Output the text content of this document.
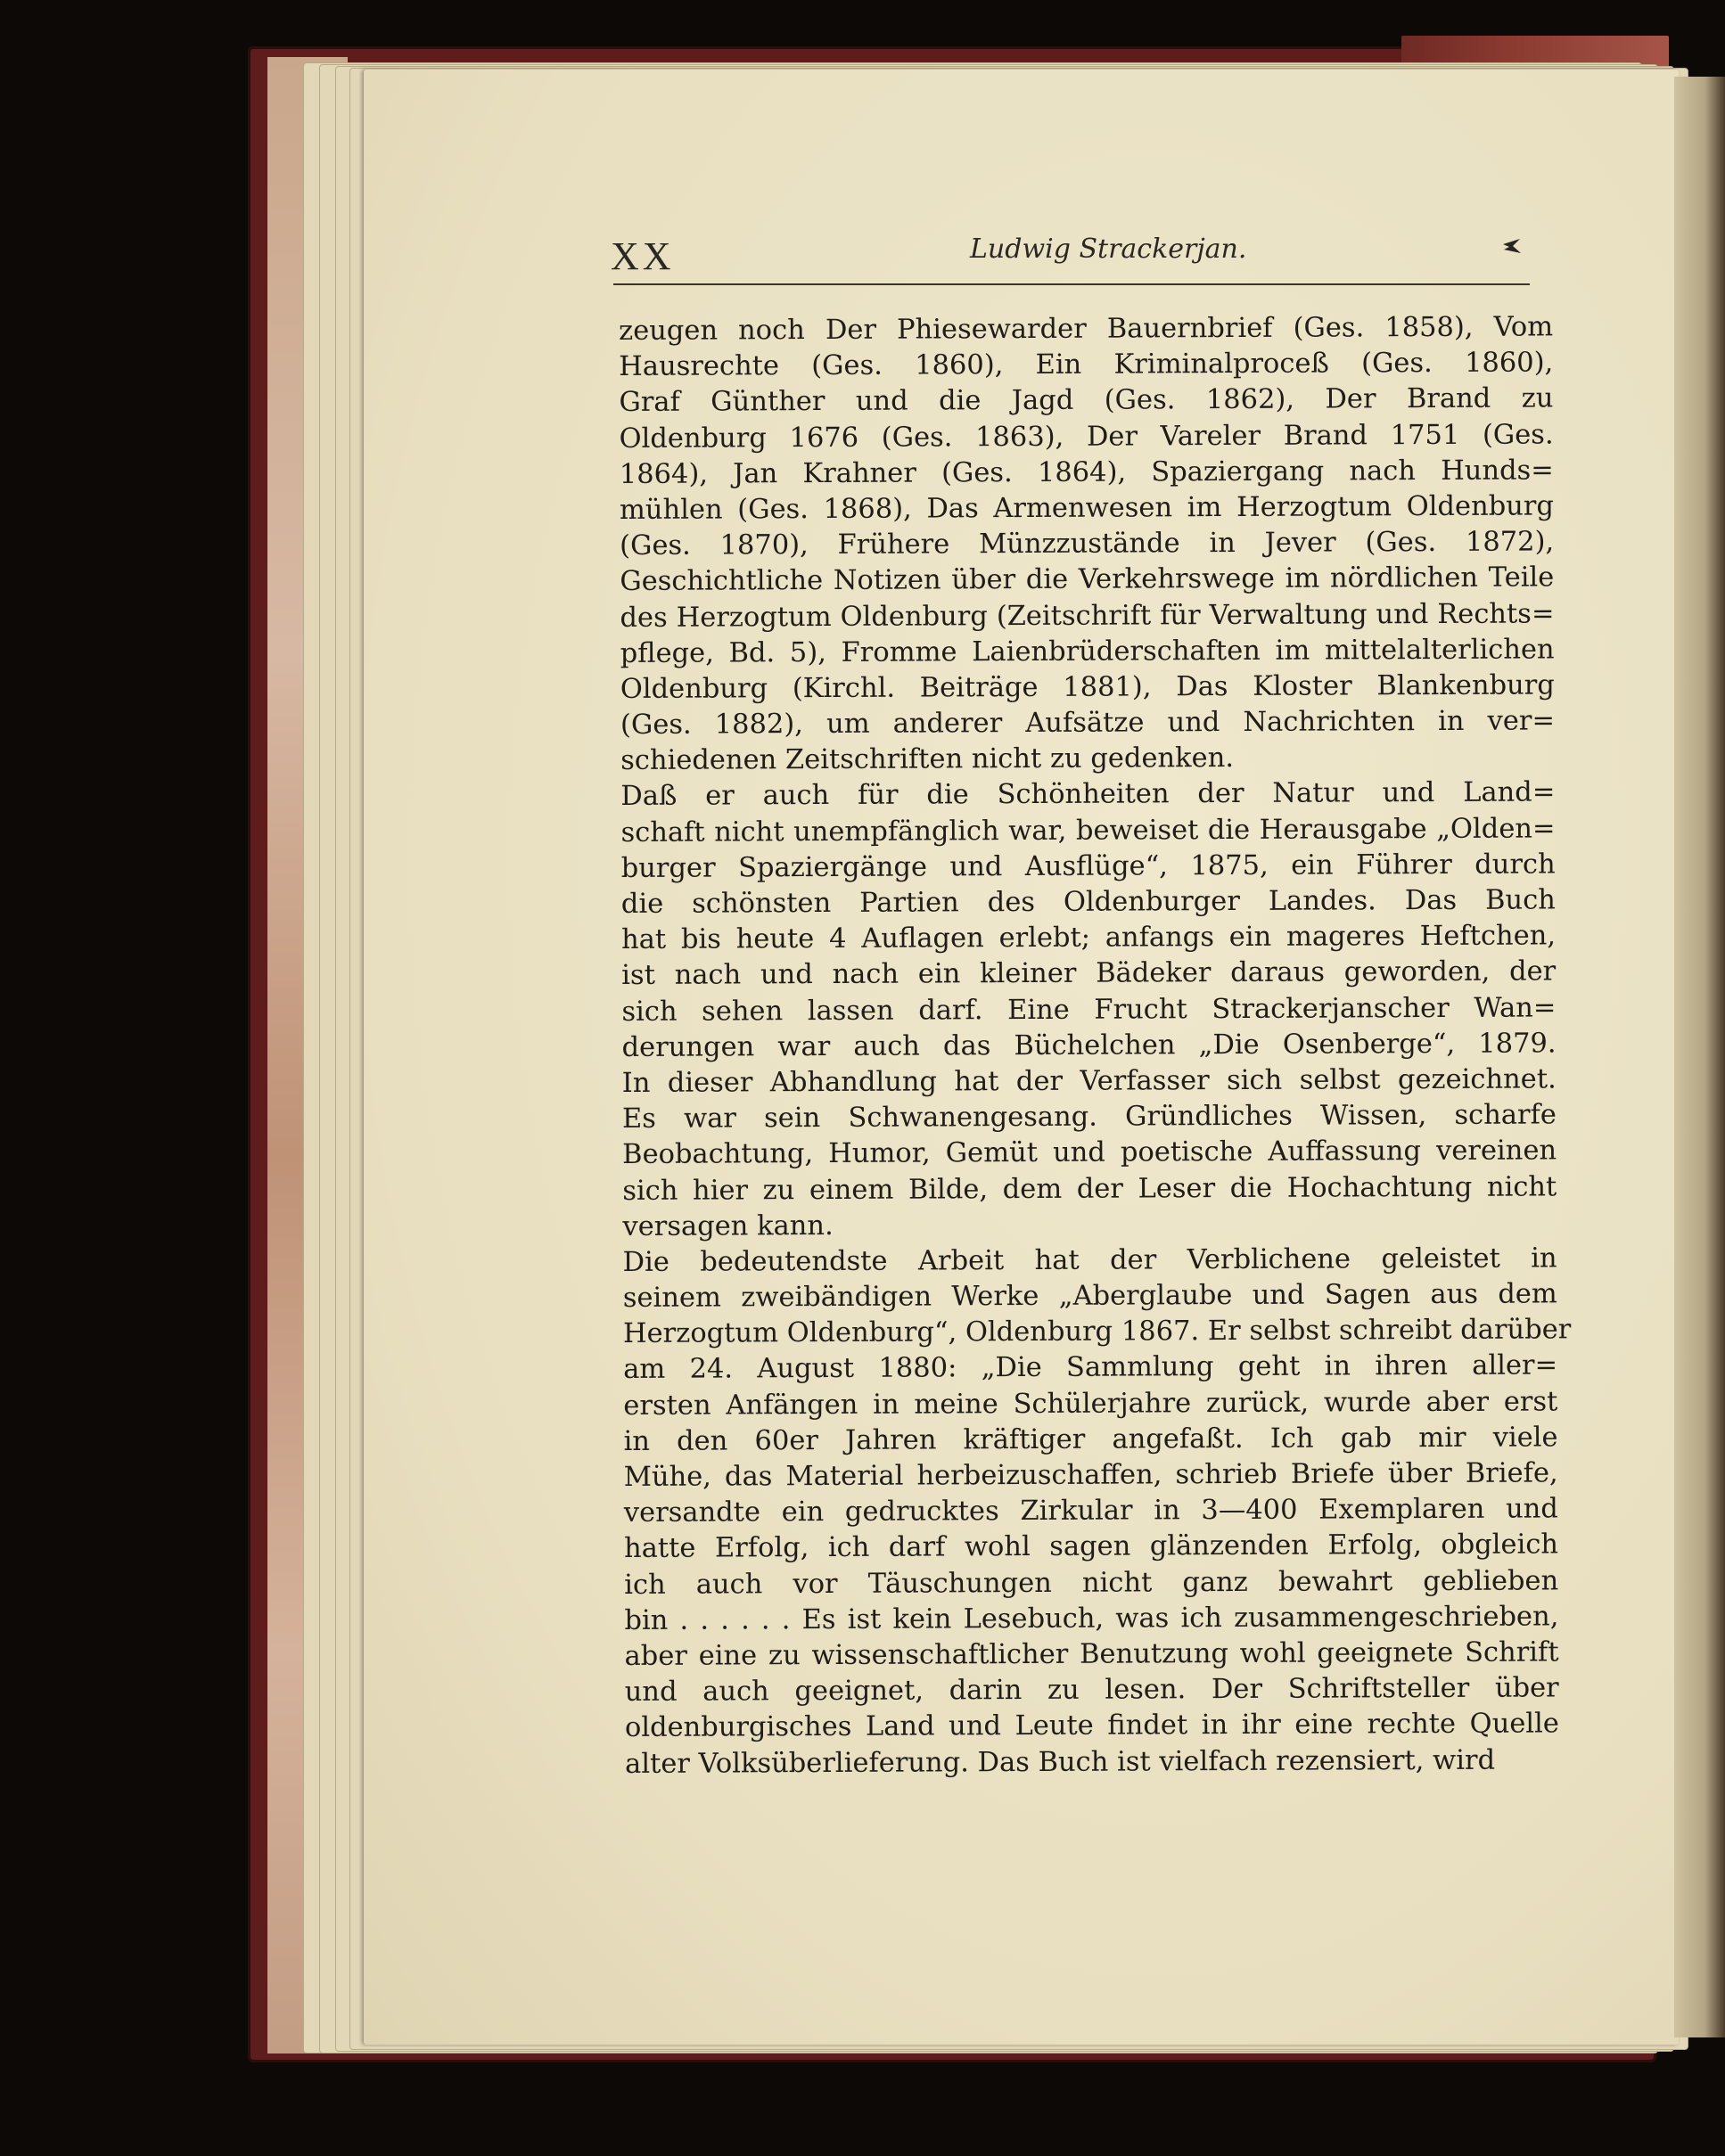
XX	Ludwig Strackerjan.
zeugen noch Der Phiesewarder Bauernbrief (Ges. 1858), Vom
Hausrechte (Ges. 1860), Ein Kriminalproceß (Ges. 1860),
Graf Günther und die Jagd (Ges. 1862), Der Brand zu
Oldenburg 1676 (Ges. 1863), Der Vareler Brand 1751 (Ges.
1864), Jan Krahner (Ges. 1864), Spaziergang nach Hunds=
mühlen (Ges. 1868), Das Armenwesen im Herzogtum Oldenburg
(Ges. 1870), Frühere Münzzustände in Jever (Ges. 1872),
Geschichtliche Notizen über die Verkehrswege im nördlichen Teile
des Herzogtum Oldenburg (Zeitschrift für Verwaltung und Rechts=
pflege, Bd. 5), Fromme Laienbrüderschaften im mittelalterlichen
Oldenburg (Kirchl. Beiträge 1881), Das Kloster Blankenburg
(Ges. 1882), um anderer Aufsätze und Nachrichten in ver=
schiedenen Zeitschriften nicht zu gedenken.
Daß er auch für die Schönheiten der Natur und Land=
schaft nicht unempfänglich war, beweiset die Herausgabe „Olden=
burger Spaziergänge und Ausflüge“, 1875, ein Führer durch
die schönsten Partien des Oldenburger Landes. Das Buch
hat bis heute 4 Auflagen erlebt; anfangs ein mageres Heftchen,
ist nach und nach ein kleiner Bädeker daraus geworden, der
sich sehen lassen darf. Eine Frucht Strackerjanscher Wan=
derungen war auch das Büchelchen „Die Osenberge“, 1879.
In dieser Abhandlung hat der Verfasser sich selbst gezeichnet.
Es war sein Schwanengesang. Gründliches Wissen, scharfe
Beobachtung, Humor, Gemüt und poetische Auffassung vereinen
sich hier zu einem Bilde, dem der Leser die Hochachtung nicht
versagen kann.
Die bedeutendste Arbeit hat der Verblichene geleistet in
seinem zweibändigen Werke „Aberglaube und Sagen aus dem
Herzogtum Oldenburg“, Oldenburg 1867. Er selbst schreibt darüber
am 24. August 1880: „Die Sammlung geht in ihren aller=
ersten Anfängen in meine Schülerjahre zurück, wurde aber erst
in den 60er Jahren kräftiger angefaßt. Ich gab mir viele
Mühe, das Material herbeizuschaffen, schrieb Briefe über Briefe,
versandte ein gedrucktes Zirkular in 3—400 Exemplaren und
hatte Erfolg, ich darf wohl sagen glänzenden Erfolg, obgleich
ich auch vor Täuschungen nicht ganz bewahrt geblieben
bin . . . . . . Es ist kein Lesebuch, was ich zusammengeschrieben,
aber eine zu wissenschaftlicher Benutzung wohl geeignete Schrift
und auch geeignet, darin zu lesen. Der Schriftsteller über
oldenburgisches Land und Leute findet in ihr eine rechte Quelle
alter Volksüberlieferung. Das Buch ist vielfach rezensiert, wird
